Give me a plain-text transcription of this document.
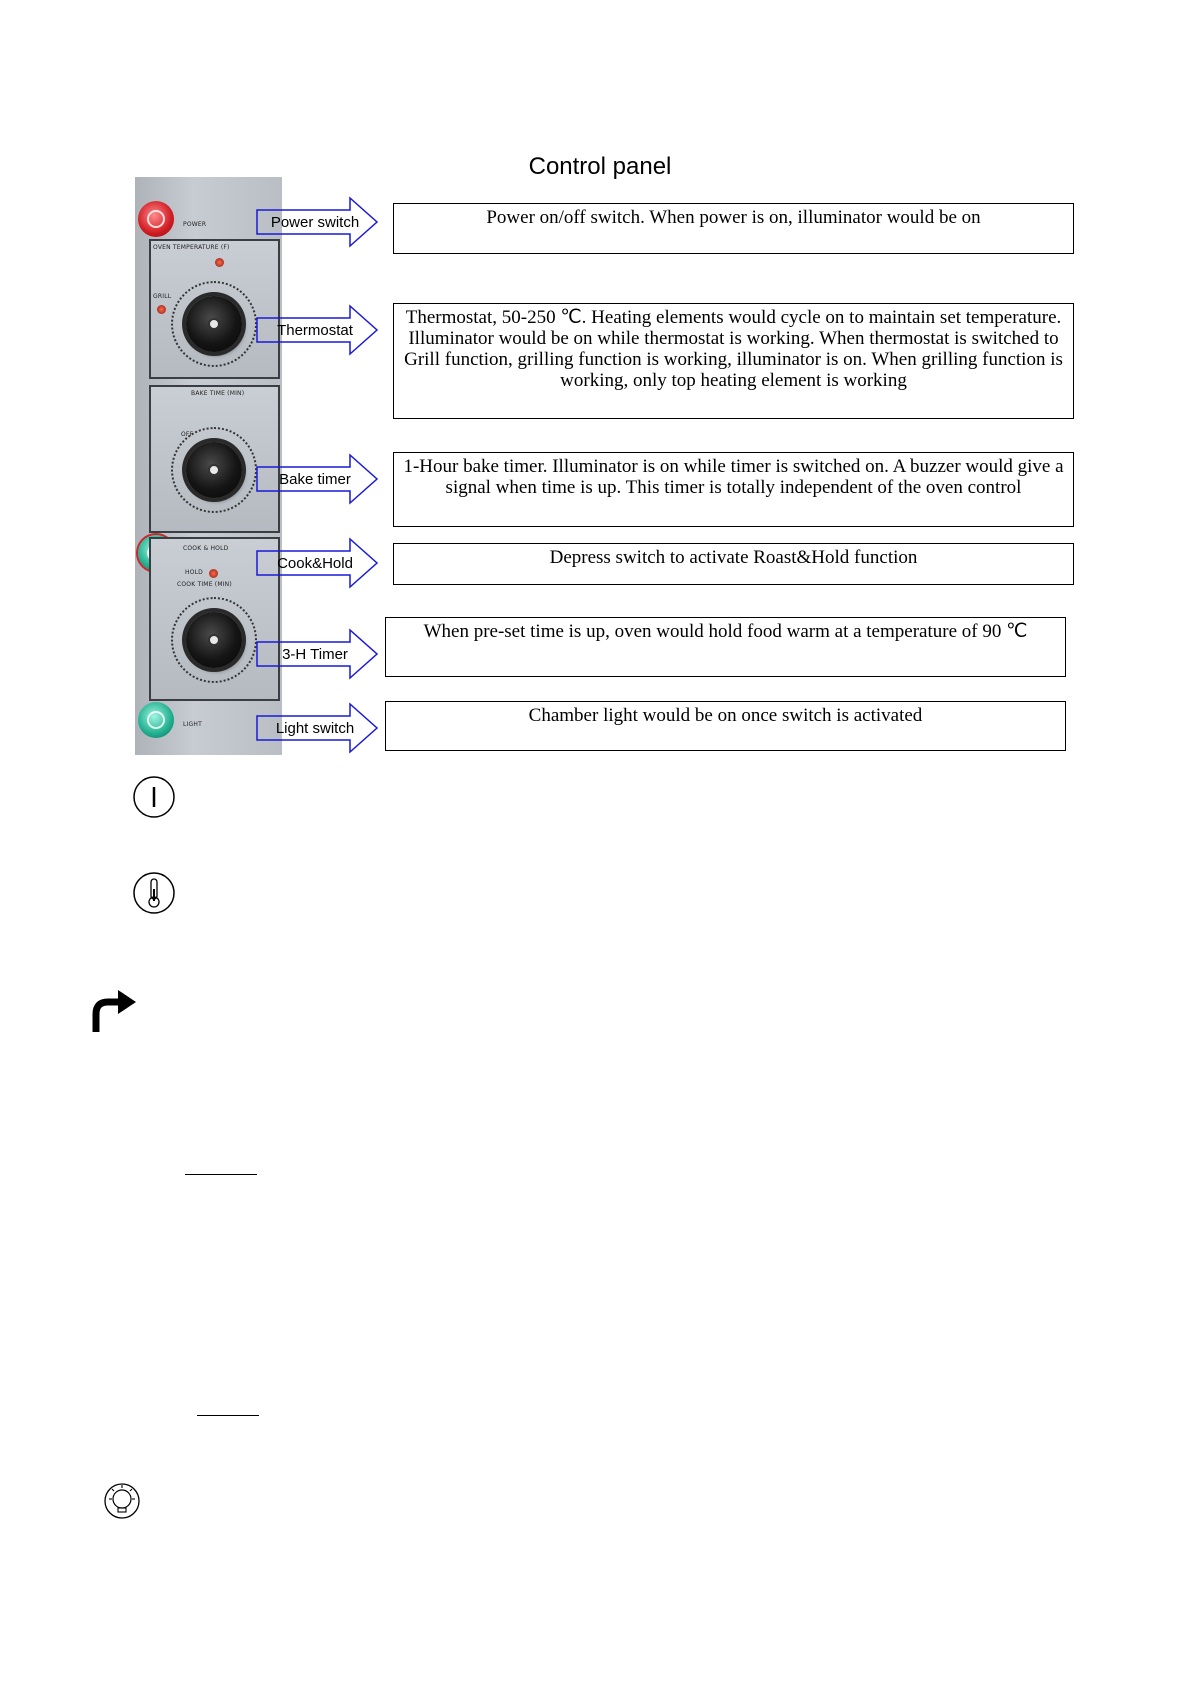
Control panel
POWER
OVEN TEMPERATURE (F)
GRILL
BAKE TIME (MIN)
OFF
COOK & HOLD
HOLD
COOK TIME (MIN)
LIGHT
Power switch
Thermostat
Bake timer
Cook&Hold
3-H Timer
Light switch
Power on/off switch. When power is on, illuminator would be on
Thermostat, 50-250 ℃. Heating elements would cycle on to maintain set temperature. Illuminator would be on while thermostat is working. When thermostat is switched to Grill function, grilling function is working, illuminator is on. When grilling function is working, only top heating element is working
1-Hour bake timer. Illuminator is on while timer is switched on. A buzzer would give a signal when time is up. This timer is totally independent of the oven control
Depress switch to activate Roast&Hold function
When pre-set time is up, oven would hold food warm at a temperature of 90 ℃
Chamber light would be on once switch is activated
